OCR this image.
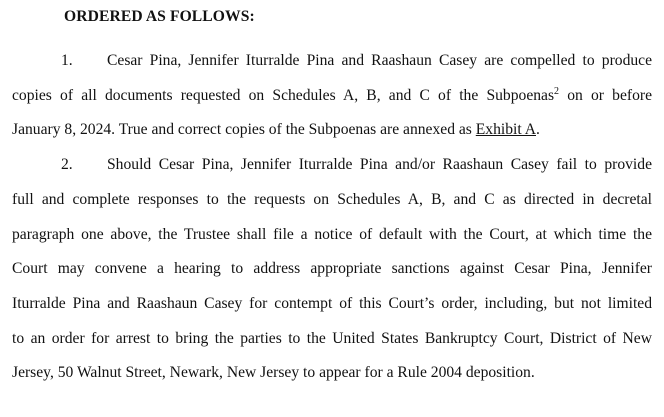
ORDERED AS FOLLOWS:
1. Cesar Pina, Jennifer Iturralde Pina and Raashaun Casey are compelled to produce
copies of all documents requested on Schedules A, B, and C of the Subpoenas$^2$ on or before
January 8, 2024. True and correct copies of the Subpoenas are annexed as Exhibit A.
2. Should Cesar Pina, Jennifer Iturralde Pina and/or Raashaun Casey fail to provide
full and complete responses to the requests on Schedules A, B, and C as directed in decretal
paragraph one above, the Trustee shall file a notice of default with the Court, at which time the
Court may convene a hearing to address appropriate sanctions against Cesar Pina, Jennifer
Iturralde Pina and Raashaun Casey for contempt of this Court’s order, including, but not limited
to an order for arrest to bring the parties to the United States Bankruptcy Court, District of New
Jersey, 50 Walnut Street, Newark, New Jersey to appear for a Rule 2004 deposition.
